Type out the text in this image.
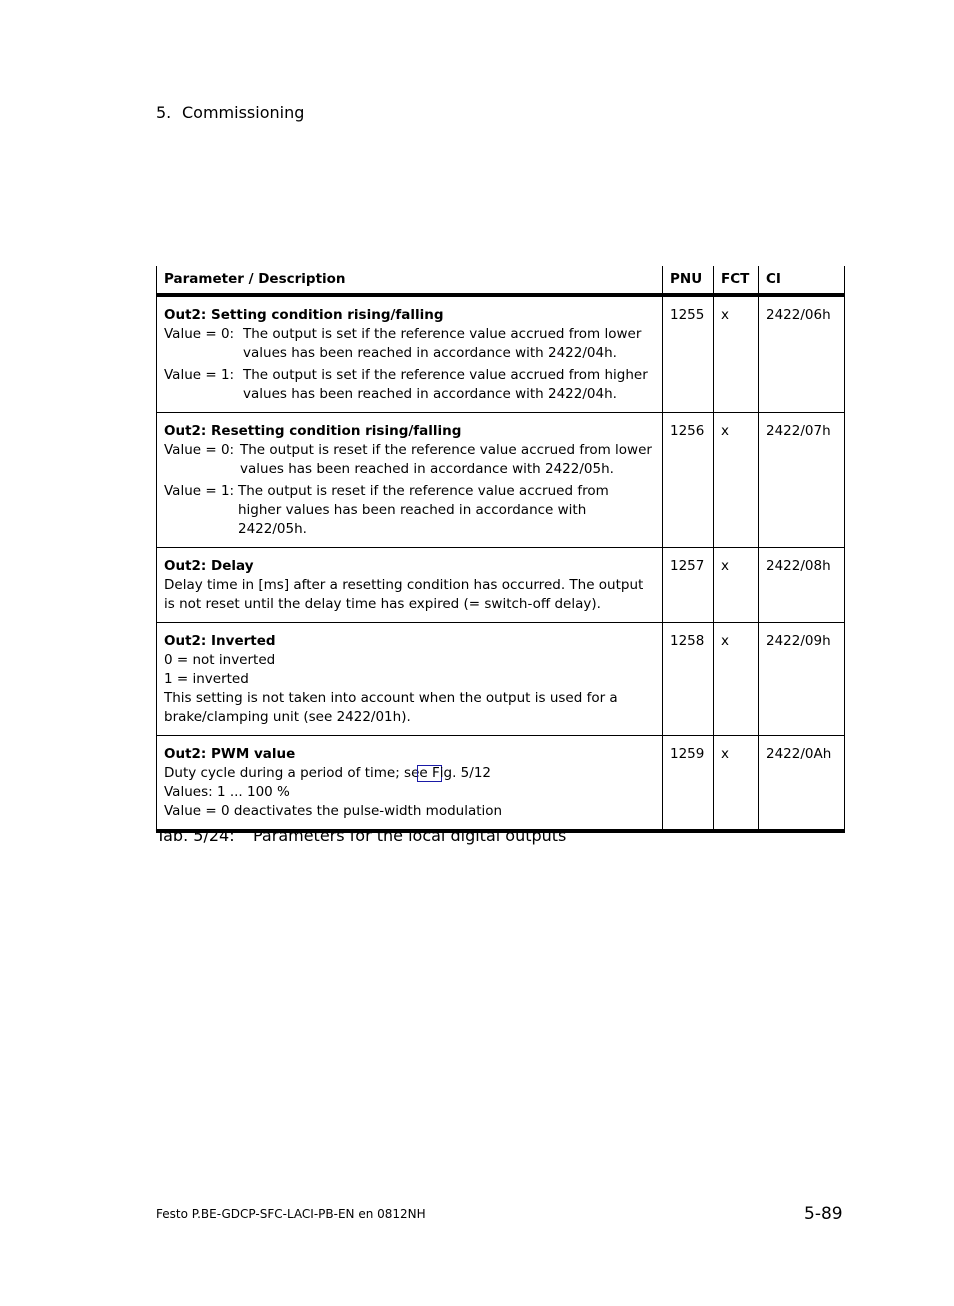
5. Commissioning
Parameter / Description	PNU	FCT	CI

Out2: Setting condition rising/falling
Value = 0: The output is set if the reference value accrued from lower values has been reached in accordance with 2422/04h.
Value = 1: The output is set if the reference value accrued from higher values has been reached in accordance with 2422/04h.	1255	x	2422/06h

Out2: Resetting condition rising/falling
Value = 0: The output is reset if the reference value accrued from lower values has been reached in accordance with 2422/05h.
Value = 1: The output is reset if the reference value accrued from higher values has been reached in accordance with 2422/05h.	1256	x	2422/07h

Out2: Delay
Delay time in [ms] after a resetting condition has occurred. The output is not reset until the delay time has expired (= switch-off delay).	1257	x	2422/08h

Out2: Inverted
0 = not inverted
1 = inverted
This setting is not taken into account when the output is used for a brake/clamping unit (see 2422/01h).	1258	x	2422/09h

Out2: PWM value
Duty cycle during a period of time; see Fig. 5/12
Values: 1 ... 100 %
Value = 0 deactivates the pulse-width modulation	1259	x	2422/0Ah
Tab. 5/24: Parameters for the local digital outputs
Festo P.BE-GDCP-SFC-LACI-PB-EN en 0812NH	5-89
